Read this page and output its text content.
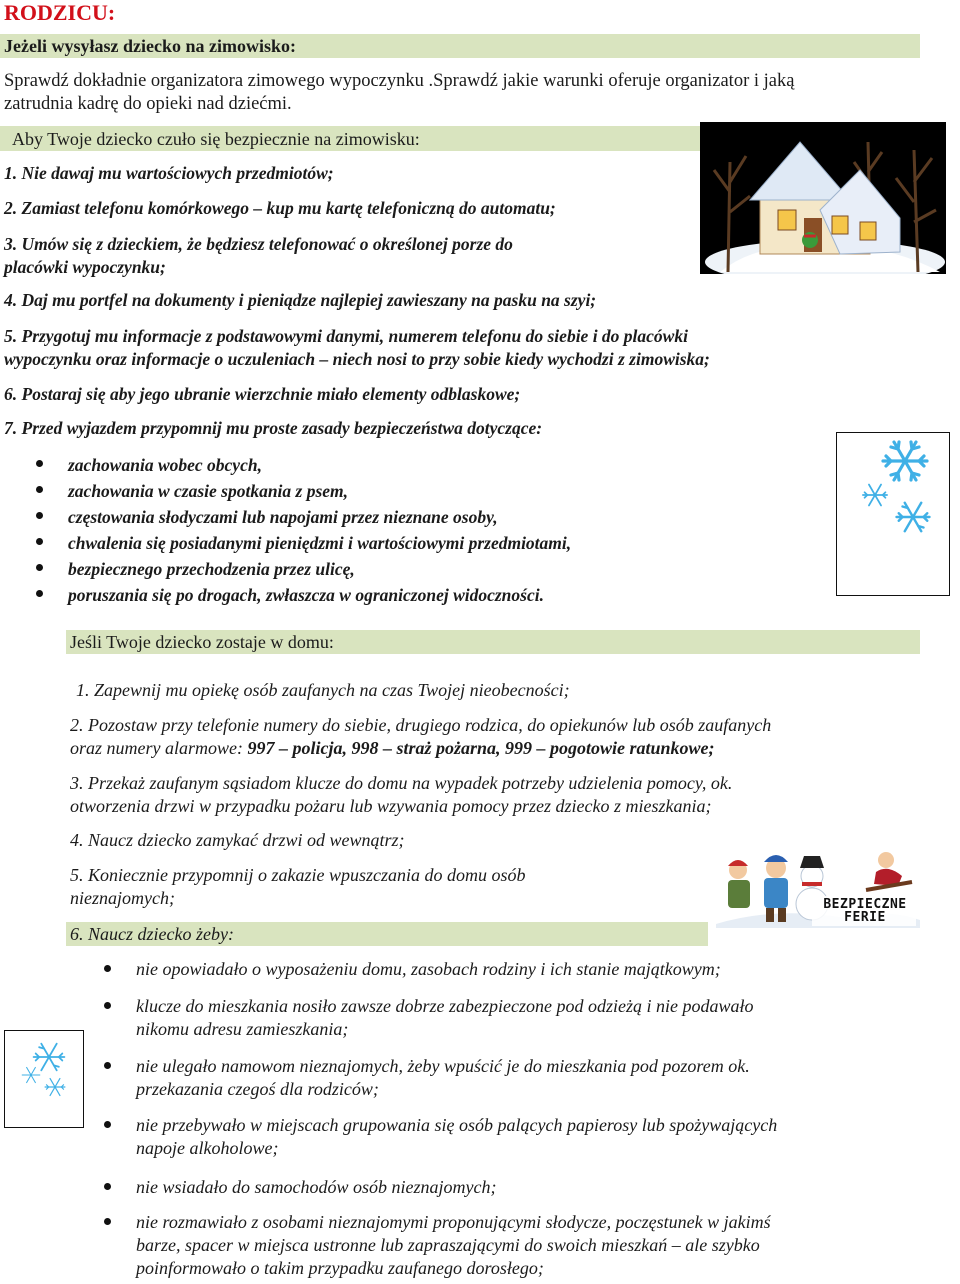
RODZICU:
Jeżeli wysyłasz dziecko na zimowisko:
Sprawdź dokładnie organizatora zimowego wypoczynku .Sprawdź jakie warunki oferuje organizator i jaką
zatrudnia kadrę do opieki nad dziećmi.
Aby Twoje dziecko czuło się bezpiecznie na zimowisku:
1. Nie dawaj mu wartościowych przedmiotów;
2. Zamiast telefonu komórkowego – kup mu kartę telefoniczną do automatu;
3. Umów się z dzieckiem, że będziesz telefonować o określonej porze do
placówki wypoczynku;
4. Daj mu portfel na dokumenty i pieniądze najlepiej zawieszany na pasku na szyi;
5. Przygotuj mu informacje z podstawowymi danymi, numerem telefonu do siebie i do placówki
wypoczynku oraz informacje o uczuleniach – niech nosi to przy sobie kiedy wychodzi z zimowiska;
6. Postaraj się aby jego ubranie wierzchnie miało elementy odblaskowe;
7. Przed wyjazdem przypomnij mu proste zasady bezpieczeństwa dotyczące:
zachowania wobec obcych,
zachowania w czasie spotkania z psem,
częstowania słodyczami lub napojami przez nieznane osoby,
chwalenia się posiadanymi pieniędzmi i wartościowymi przedmiotami,
bezpiecznego przechodzenia przez ulicę,
poruszania się po drogach, zwłaszcza w ograniczonej widoczności.
Jeśli Twoje dziecko zostaje w domu:
1. Zapewnij mu opiekę osób zaufanych na czas Twojej nieobecności;
2. Pozostaw przy telefonie numery do siebie, drugiego rodzica, do opiekunów lub osób zaufanych
oraz numery alarmowe: 997 – policja, 998 – straż pożarna, 999 – pogotowie ratunkowe;
3. Przekaż zaufanym sąsiadom klucze do domu na wypadek potrzeby udzielenia pomocy, ok.
otworzenia drzwi w przypadku pożaru lub wzywania pomocy przez dziecko z mieszkania;
4. Naucz dziecko zamykać drzwi od wewnątrz;
5. Koniecznie przypomnij o zakazie wpuszczania do domu osób
nieznajomych;
6. Naucz dziecko żeby:
BEZPIECZNE
FERIE
nie opowiadało o wyposażeniu domu, zasobach rodziny i ich stanie majątkowym;
klucze do mieszkania nosiło zawsze dobrze zabezpieczone pod odzieżą i nie podawało
nikomu adresu zamieszkania;
nie ulegało namowom nieznajomych, żeby wpuścić je do mieszkania pod pozorem ok.
przekazania czegoś dla rodziców;
nie przebywało w miejscach grupowania się osób palących papierosy lub spożywających
napoje alkoholowe;
nie wsiadało do samochodów osób nieznajomych;
nie rozmawiało z osobami nieznajomymi proponującymi słodycze, poczęstunek w jakimś
barze, spacer w miejsca ustronne lub zapraszającymi do swoich mieszkań – ale szybko
poinformowało o takim przypadku zaufanego dorosłego;
